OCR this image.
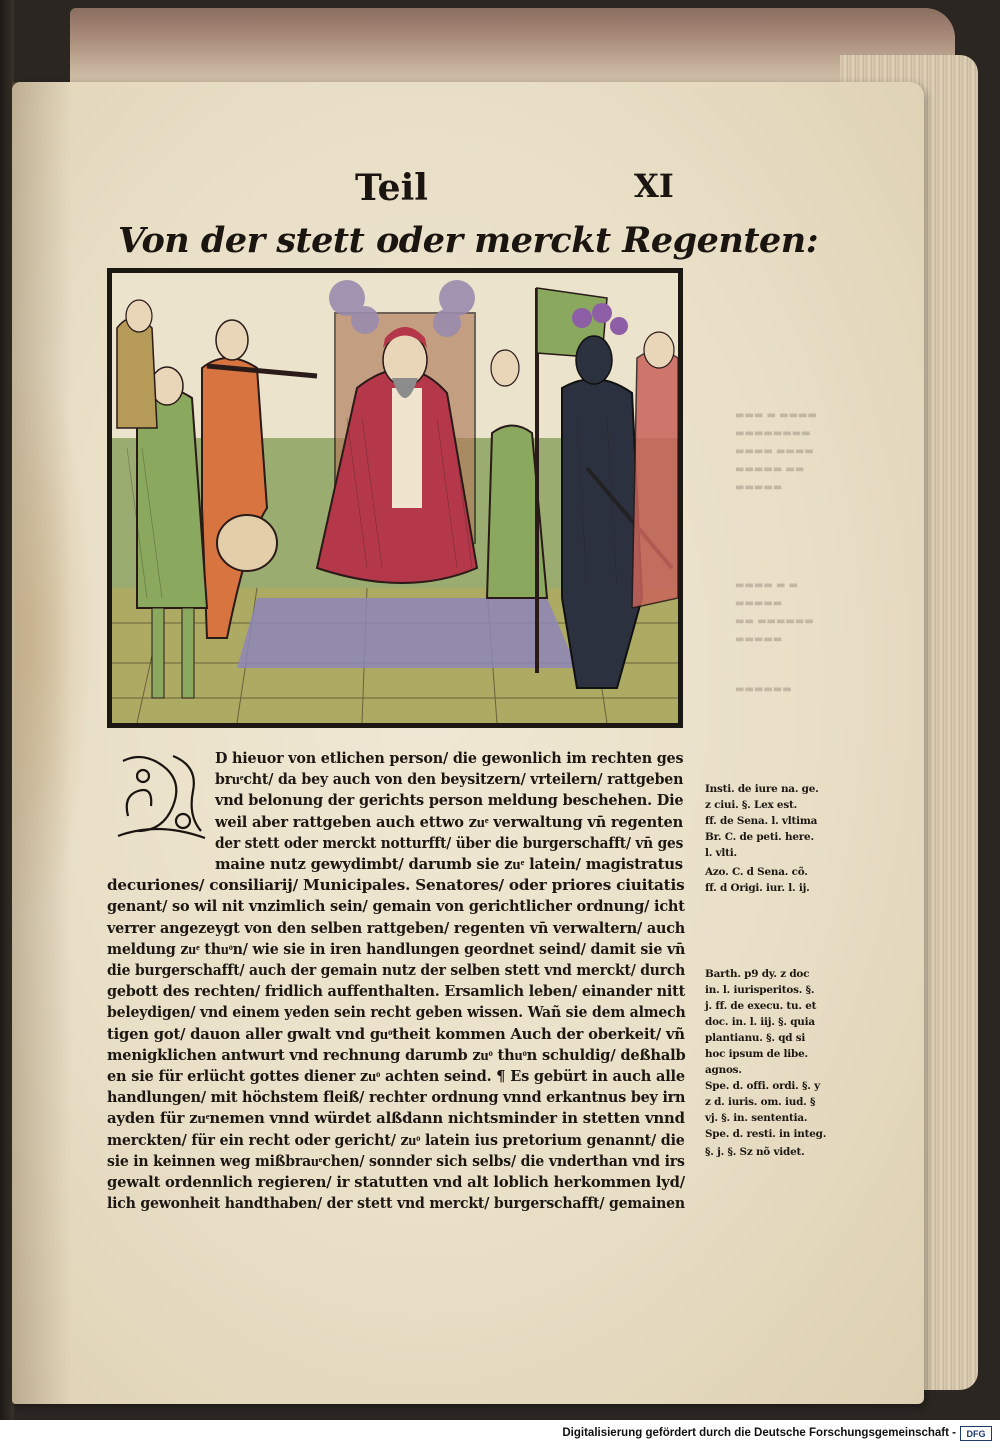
▬▬▬ ▬ ▬▬▬▬
▬▬▬▬▬▬▬▬
▬▬▬▬ ▬▬▬▬
▬▬▬▬▬ ▬▬
▬▬▬▬▬
▬▬▬▬ ▬ ▬
▬▬▬▬▬
▬▬ ▬▬▬▬▬▬
▬▬▬▬▬
▬▬▬▬▬▬
Teil	XI
Von der stett oder merckt Regenten:
D hieuor von etlichen person/ die gewonlich im rechten ges
bruͤcht/ da bey auch von den beysitzern/ vrteilern/ rattgeben
vnd belonung der gerichts person meldung beschehen. Die
weil aber rattgeben auch ettwo zuͤ verwaltung vn̄ regenten
der stett oder merckt notturfft/ über die burgerschafft/ vn̄ ges
maine nutz gewydimbt/ darumb sie zuͤ latein/ magistratus
decuriones/ consiliarij/ Municipales. Senatores/ oder priores ciuitatis
genant/ so wil nit vnzimlich sein/ gemain von gerichtlicher ordnung/ icht
verrer angezeygt von den selben rattgeben/ regenten vn̄ verwaltern/ auch
meldung zuͤ thuͦn/ wie sie in iren handlungen geordnet seind/ damit sie vn̄
die burgerschafft/ auch der gemain nutz der selben stett vnd merckt/ durch
gebott des rechten/ fridlich auffenthalten. Ersamlich leben/ einander nitt
beleydigen/ vnd einem yeden sein recht geben wissen. Wañ sie dem almech
tigen got/ dauon aller gwalt vnd guͦtheit kommen Auch der oberkeit/ vñ
menigklichen antwurt vnd rechnung darumb zuͦ thuͦn schuldig/ deßhalb
en sie für erlücht gottes diener zuͦ achten seind. ¶ Es gebürt in auch alle
handlungen/ mit höchstem fleiß/ rechter ordnung vnnd erkantnus bey irn
ayden für zuͤnemen vnnd würdet alßdann nichtsminder in stetten vnnd
merckten/ für ein recht oder gericht/ zuͦ latein ius pretorium genannt/ die
sie in keinnen weg mißbrauͤchen/ sonnder sich selbs/ die vnderthan vnd irs
gewalt ordennlich regieren/ ir statutten vnd alt loblich herkommen lyd/
lich gewonheit handthaben/ der stett vnd merckt/ burgerschafft/ gemainen
Insti. de iure na. ge.
z ciui. §. Lex est.
ff. de Sena. l. vltima
Br. C. de peti. here.
l. vlti.
Azo. C. d Sena. cõ.
ff. d Origi. iur. l. ij.
Barth. p9 dy. z doc
in. l. iurisperitos. §.
j. ff. de execu. tu. et
doc. in. l. iij. §. quia
plantianu. §. qd si
hoc ipsum de libe.
agnos.
Spe. d. offi. ordi. §. y
z d. iuris. om. iud. §
vj. §. in. sententia.
Spe. d. resti. in integ.
§. j. §. Sz nõ videt.
Digitalisierung gefördert durch die Deutsche Forschungsgemeinschaft -	DFG
